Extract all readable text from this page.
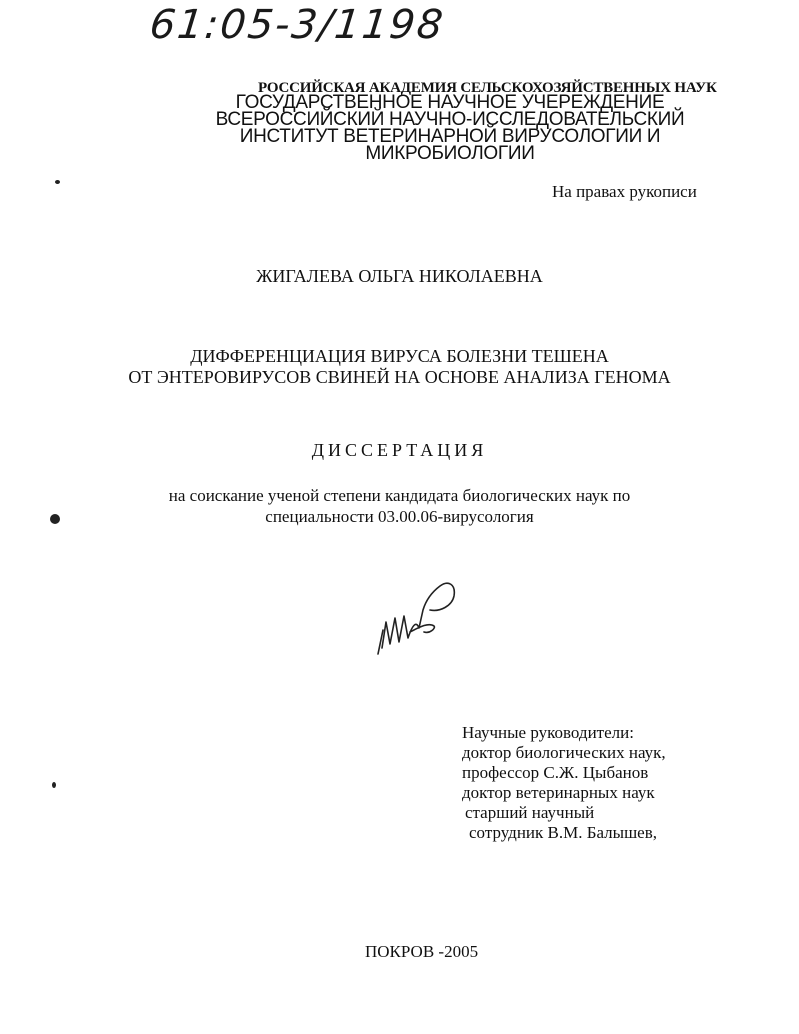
61:05-3/1198
РОССИЙСКАЯ АКАДЕМИЯ СЕЛЬСКОХОЗЯЙСТВЕННЫХ НАУК
ГОСУДАРСТВЕННОЕ НАУЧНОЕ УЧЕРЕЖДЕНИЕ
ВСЕРОССИЙСКИЙ НАУЧНО-ИССЛЕДОВАТЕЛЬСКИЙ
ИНСТИТУТ ВЕТЕРИНАРНОЙ ВИРУСОЛОГИИ И
МИКРОБИОЛОГИИ
На правах рукописи
ЖИГАЛЕВА ОЛЬГА НИКОЛАЕВНА
ДИФФЕРЕНЦИАЦИЯ ВИРУСА БОЛЕЗНИ ТЕШЕНА
ОТ ЭНТЕРОВИРУСОВ СВИНЕЙ НА ОСНОВЕ АНАЛИЗА ГЕНОМА
ДИССЕРТАЦИЯ
на соискание ученой степени кандидата биологических наук по
специальности 03.00.06-вирусология
Научные руководители:
доктор биологических наук,
профессор С.Ж. Цыбанов
доктор ветеринарных наук
старший научный
сотрудник В.М. Балышев,
ПОКРОВ -2005
